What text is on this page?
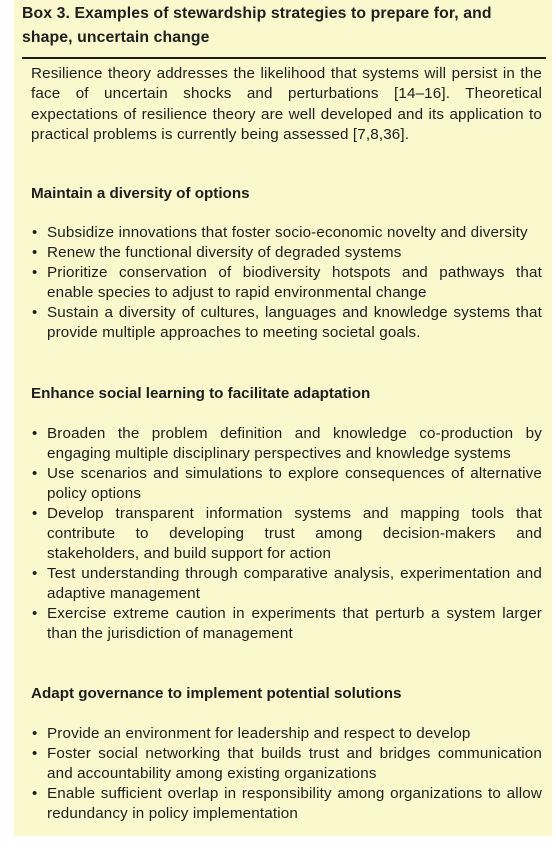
Box 3. Examples of stewardship strategies to prepare for, and shape, uncertain change

Resilience theory addresses the likelihood that systems will persist in the face of uncertain shocks and perturbations [14–16]. Theoretical expectations of resilience theory are well developed and its application to practical problems is currently being assessed [7,8,36].

Maintain a diversity of options

• Subsidize innovations that foster socio-economic novelty and diversity
• Renew the functional diversity of degraded systems
• Prioritize conservation of biodiversity hotspots and pathways that enable species to adjust to rapid environmental change
• Sustain a diversity of cultures, languages and knowledge systems that provide multiple approaches to meeting societal goals.

Enhance social learning to facilitate adaptation

• Broaden the problem definition and knowledge co-production by engaging multiple disciplinary perspectives and knowledge systems
• Use scenarios and simulations to explore consequences of alternative policy options
• Develop transparent information systems and mapping tools that contribute to developing trust among decision-makers and stakeholders, and build support for action
• Test understanding through comparative analysis, experimentation and adaptive management
• Exercise extreme caution in experiments that perturb a system larger than the jurisdiction of management

Adapt governance to implement potential solutions

• Provide an environment for leadership and respect to develop
• Foster social networking that builds trust and bridges communication and accountability among existing organizations
• Enable sufficient overlap in responsibility among organizations to allow redundancy in policy implementation
